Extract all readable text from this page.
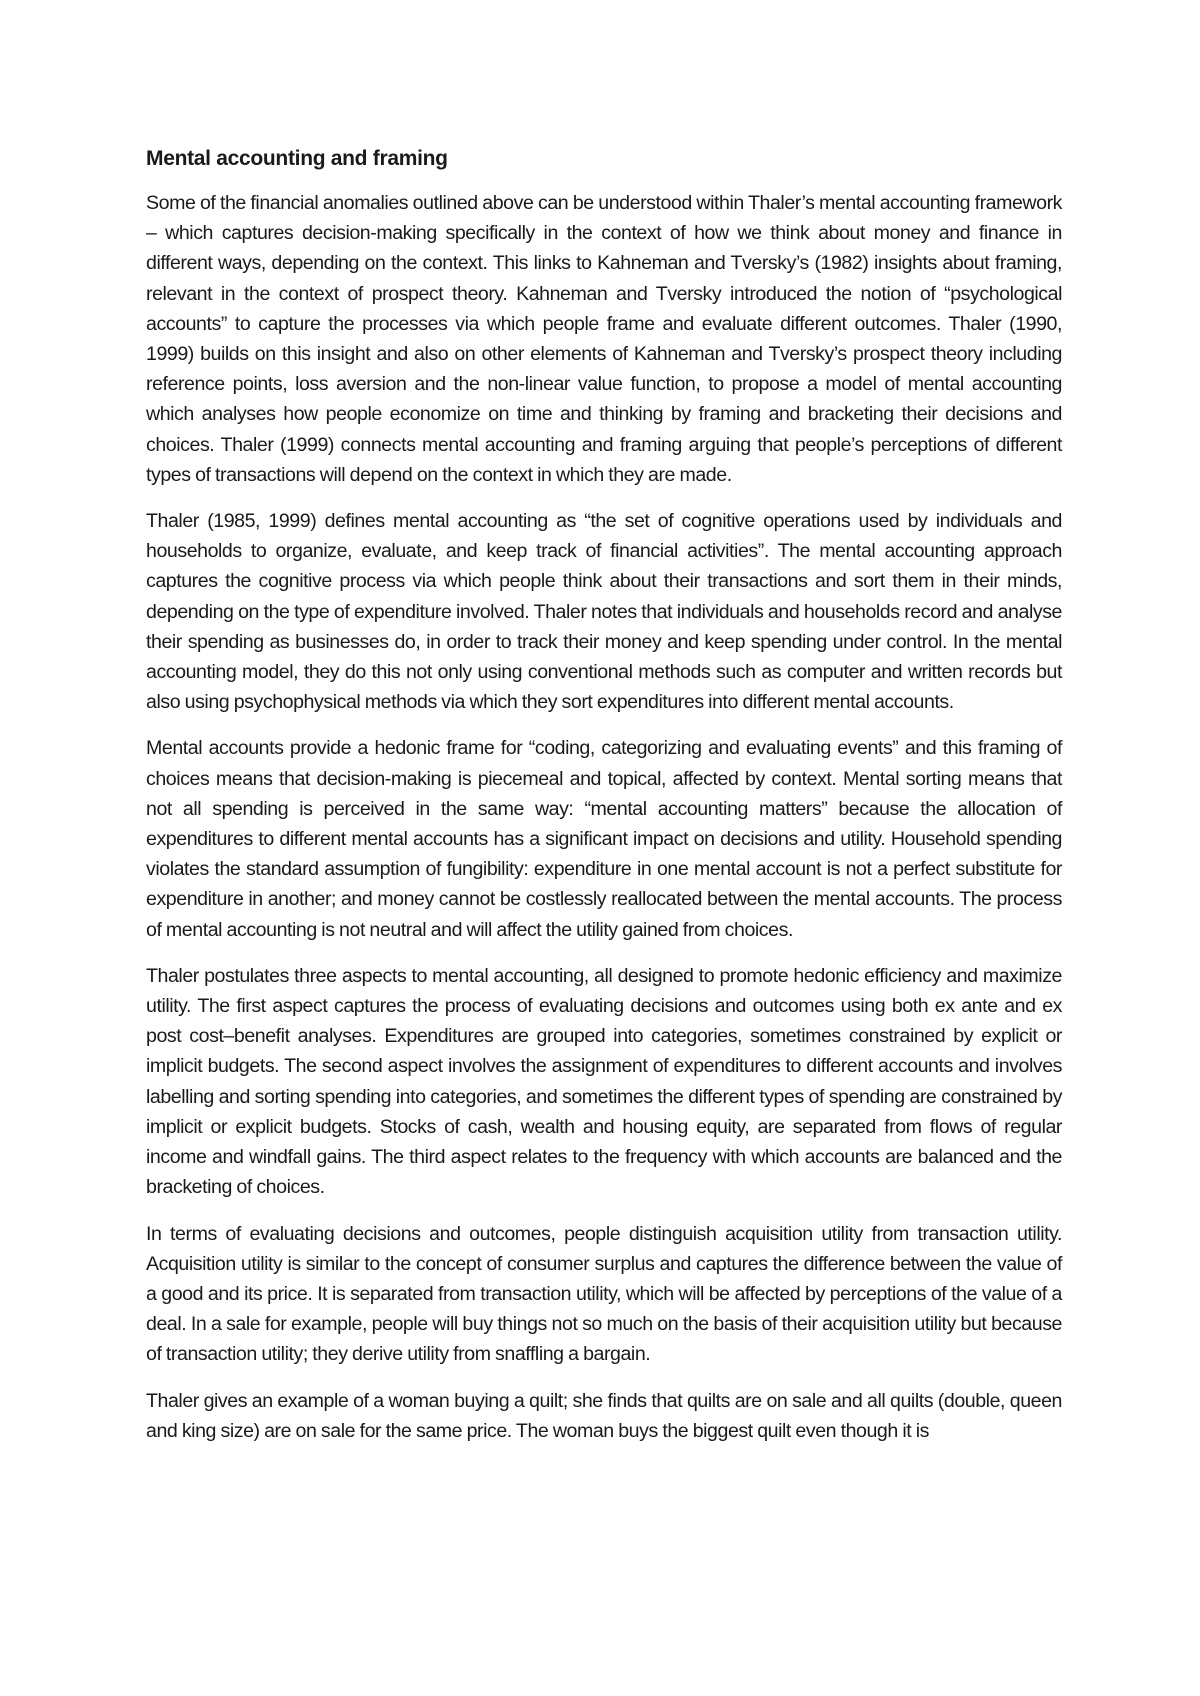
Mental accounting and framing

Some of the financial anomalies outlined above can be understood within Thaler’s mental accounting framework – which captures decision-making specifically in the context of how we think about money and finance in different ways, depending on the context. This links to Kahneman and Tversky’s (1982) insights about framing, relevant in the context of prospect theory. Kahneman and Tversky introduced the notion of “psychological accounts” to capture the processes via which people frame and evaluate different outcomes. Thaler (1990, 1999) builds on this insight and also on other elements of Kahneman and Tversky’s prospect theory including reference points, loss aversion and the non-linear value function, to propose a model of mental accounting which analyses how people economize on time and thinking by framing and bracketing their decisions and choices. Thaler (1999) connects mental accounting and framing arguing that people’s perceptions of different types of transactions will depend on the context in which they are made.

Thaler (1985, 1999) defines mental accounting as “the set of cognitive operations used by individuals and households to organize, evaluate, and keep track of financial activities”. The mental accounting approach captures the cognitive process via which people think about their transactions and sort them in their minds, depending on the type of expenditure involved. Thaler notes that individuals and households record and analyse their spending as businesses do, in order to track their money and keep spending under control. In the mental accounting model, they do this not only using conventional methods such as computer and written records but also using psychophysical methods via which they sort expenditures into different mental accounts.

Mental accounts provide a hedonic frame for “coding, categorizing and evaluating events” and this framing of choices means that decision-making is piecemeal and topical, affected by context. Mental sorting means that not all spending is perceived in the same way: “mental accounting matters” because the allocation of expenditures to different mental accounts has a significant impact on decisions and utility. Household spending violates the standard assumption of fungibility: expenditure in one mental account is not a perfect substitute for expenditure in another; and money cannot be costlessly reallocated between the mental accounts. The process of mental accounting is not neutral and will affect the utility gained from choices.

Thaler postulates three aspects to mental accounting, all designed to promote hedonic efficiency and maximize utility. The first aspect captures the process of evaluating decisions and outcomes using both ex ante and ex post cost–benefit analyses. Expenditures are grouped into categories, sometimes constrained by explicit or implicit budgets. The second aspect involves the assignment of expenditures to different accounts and involves labelling and sorting spending into categories, and sometimes the different types of spending are constrained by implicit or explicit budgets. Stocks of cash, wealth and housing equity, are separated from flows of regular income and windfall gains. The third aspect relates to the frequency with which accounts are balanced and the bracketing of choices.

In terms of evaluating decisions and outcomes, people distinguish acquisition utility from transaction utility. Acquisition utility is similar to the concept of consumer surplus and captures the difference between the value of a good and its price. It is separated from transaction utility, which will be affected by perceptions of the value of a deal. In a sale for example, people will buy things not so much on the basis of their acquisition utility but because of transaction utility; they derive utility from snaffling a bargain.

Thaler gives an example of a woman buying a quilt; she finds that quilts are on sale and all quilts (double, queen and king size) are on sale for the same price. The woman buys the biggest quilt even though it is
